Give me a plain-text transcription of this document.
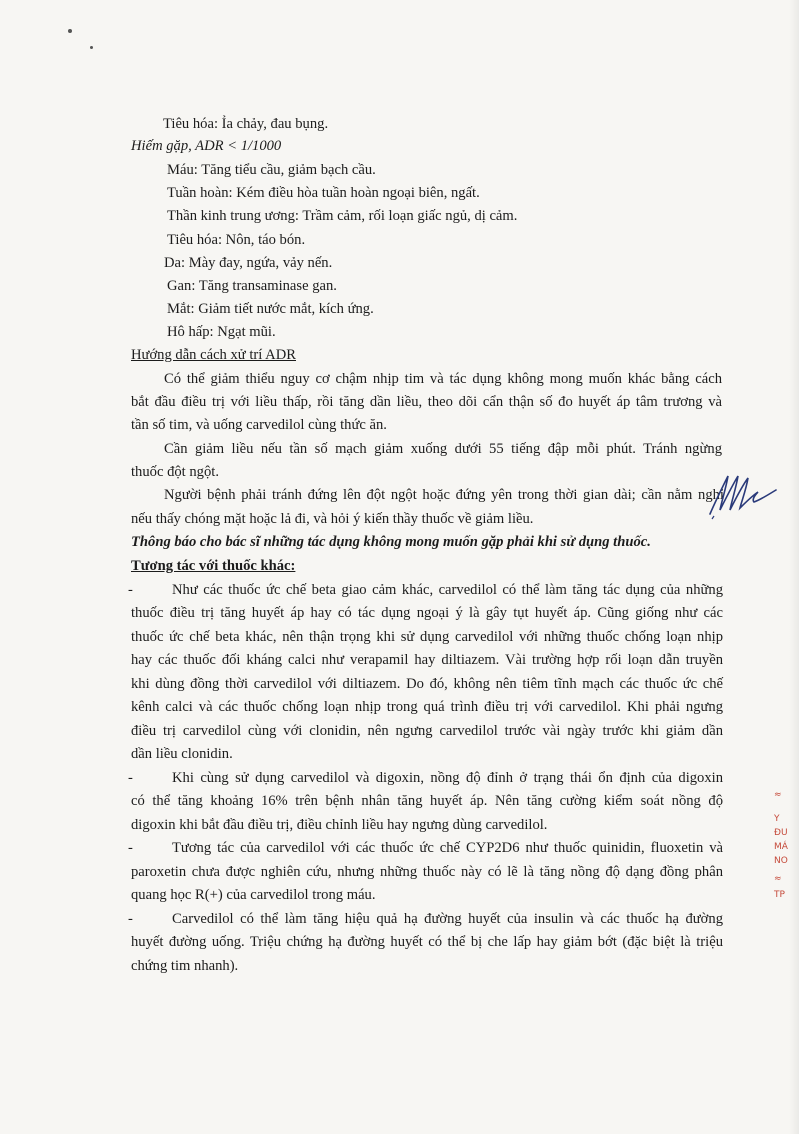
Tiêu hóa: Ỉa chảy, đau bụng.
Hiếm gặp, ADR < 1/1000
Máu: Tăng tiểu cầu, giảm bạch cầu.
Tuần hoàn: Kém điều hòa tuần hoàn ngoại biên, ngất.
Thần kinh trung ương: Trầm cảm, rối loạn giấc ngủ, dị cảm.
Tiêu hóa: Nôn, táo bón.
Da: Mày đay, ngứa, vảy nến.
Gan: Tăng transaminase gan.
Mắt: Giảm tiết nước mắt, kích ứng.
Hô hấp: Ngạt mũi.
Hướng dẫn cách xử trí ADR
Có thể giảm thiểu nguy cơ chậm nhịp tim và tác dụng không mong muốn khác bằng cách
bắt đầu điều trị với liều thấp, rồi tăng dần liều, theo dõi cẩn thận số đo huyết áp tâm trương và
tần số tim, và uống carvedilol cùng thức ăn.
Cần giảm liều nếu tần số mạch giảm xuống dưới 55 tiếng đập mỗi phút. Tránh ngừng
thuốc đột ngột.
Người bệnh phải tránh đứng lên đột ngột hoặc đứng yên trong thời gian dài; cần nằm nghỉ
nếu thấy chóng mặt hoặc lả đi, và hỏi ý kiến thầy thuốc về giảm liều.
Thông báo cho bác sĩ những tác dụng không mong muốn gặp phải khi sử dụng thuốc.
Tương tác với thuốc khác:
-	Như các thuốc ức chế beta giao cảm khác, carvedilol có thể làm tăng tác dụng của những
thuốc điều trị tăng huyết áp hay có tác dụng ngoại ý là gây tụt huyết áp. Cũng giống như các
thuốc ức chế beta khác, nên thận trọng khi sử dụng carvedilol với những thuốc chống loạn nhịp
hay các thuốc đối kháng calci như verapamil hay diltiazem. Vài trường hợp rối loạn dẫn truyền
khi dùng đồng thời carvedilol với diltiazem. Do đó, không nên tiêm tĩnh mạch các thuốc ức chế
kênh calci và các thuốc chống loạn nhịp trong quá trình điều trị với carvedilol. Khi phải ngưng
điều trị carvedilol cùng với clonidin, nên ngưng carvedilol trước vài ngày trước khi giảm dần
dần liều clonidin.
-	Khi cùng sử dụng carvedilol và digoxin, nồng độ đỉnh ở trạng thái ổn định của digoxin
có thể tăng khoảng 16% trên bệnh nhân tăng huyết áp. Nên tăng cường kiểm soát nồng độ
digoxin khi bắt đầu điều trị, điều chỉnh liều hay ngưng dùng carvedilol.
-	Tương tác của carvedilol với các thuốc ức chế CYP2D6 như thuốc quinidin, fluoxetin và
paroxetin chưa được nghiên cứu, nhưng những thuốc này có lẽ là tăng nồng độ dạng đồng phân
quang học R(+) của carvedilol trong máu.
-	Carvedilol có thể làm tăng hiệu quả hạ đường huyết của insulin và các thuốc hạ đường
huyết đường uống. Triệu chứng hạ đường huyết có thể bị che lấp hay giảm bớt (đặc biệt là triệu
chứng tim nhanh).
≈
Y
ĐU
MÁ
NO
≈
TP
